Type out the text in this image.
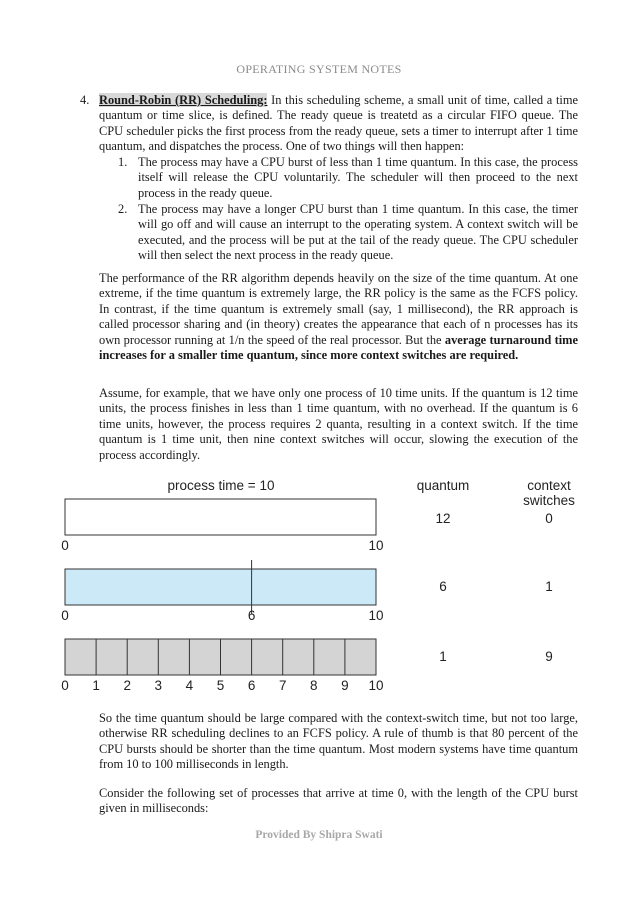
OPERATING SYSTEM NOTES
4. Round-Robin (RR) Scheduling: In this scheduling scheme, a small unit of time, called a time quantum or time slice, is defined. The ready queue is treatetd as a circular FIFO queue. The CPU scheduler picks the first process from the ready queue, sets a timer to interrupt after 1 time quantum, and dispatches the process. One of two things will then happen:
1. The process may have a CPU burst of less than 1 time quantum. In this case, the process itself will release the CPU voluntarily. The scheduler will then proceed to the next process in the ready queue.
2. The process may have a longer CPU burst than 1 time quantum. In this case, the timer will go off and will cause an interrupt to the operating system. A context switch will be executed, and the process will be put at the tail of the ready queue. The CPU scheduler will then select the next process in the ready queue.
The performance of the RR algorithm depends heavily on the size of the time quantum. At one extreme, if the time quantum is extremely large, the RR policy is the same as the FCFS policy. In contrast, if the time quantum is extremely small (say, 1 millisecond), the RR approach is called processor sharing and (in theory) creates the appearance that each of n processes has its own processor running at 1/n the speed of the real processor. But the average turnaround time increases for a smaller time quantum, since more context switches are required.
Assume, for example, that we have only one process of 10 time units. If the quantum is 12 time units, the process finishes in less than 1 time quantum, with no overhead. If the quantum is 6 time units, however, the process requires 2 quanta, resulting in a context switch. If the time quantum is 1 time unit, then nine context switches will occur, slowing the execution of the process accordingly.
process time = 10	quantum	context
switches
0	10
12	0
0	6	10
6	1
0 1 2 3 4 5 6 7 8 9 10
1	9
So the time quantum should be large compared with the context-switch time, but not too large, otherwise RR scheduling declines to an FCFS policy. A rule of thumb is that 80 percent of the CPU bursts should be shorter than the time quantum. Most modern systems have time quantum from 10 to 100 milliseconds in length.
Consider the following set of processes that arrive at time 0, with the length of the CPU burst given in milliseconds:
Provided By Shipra Swati
